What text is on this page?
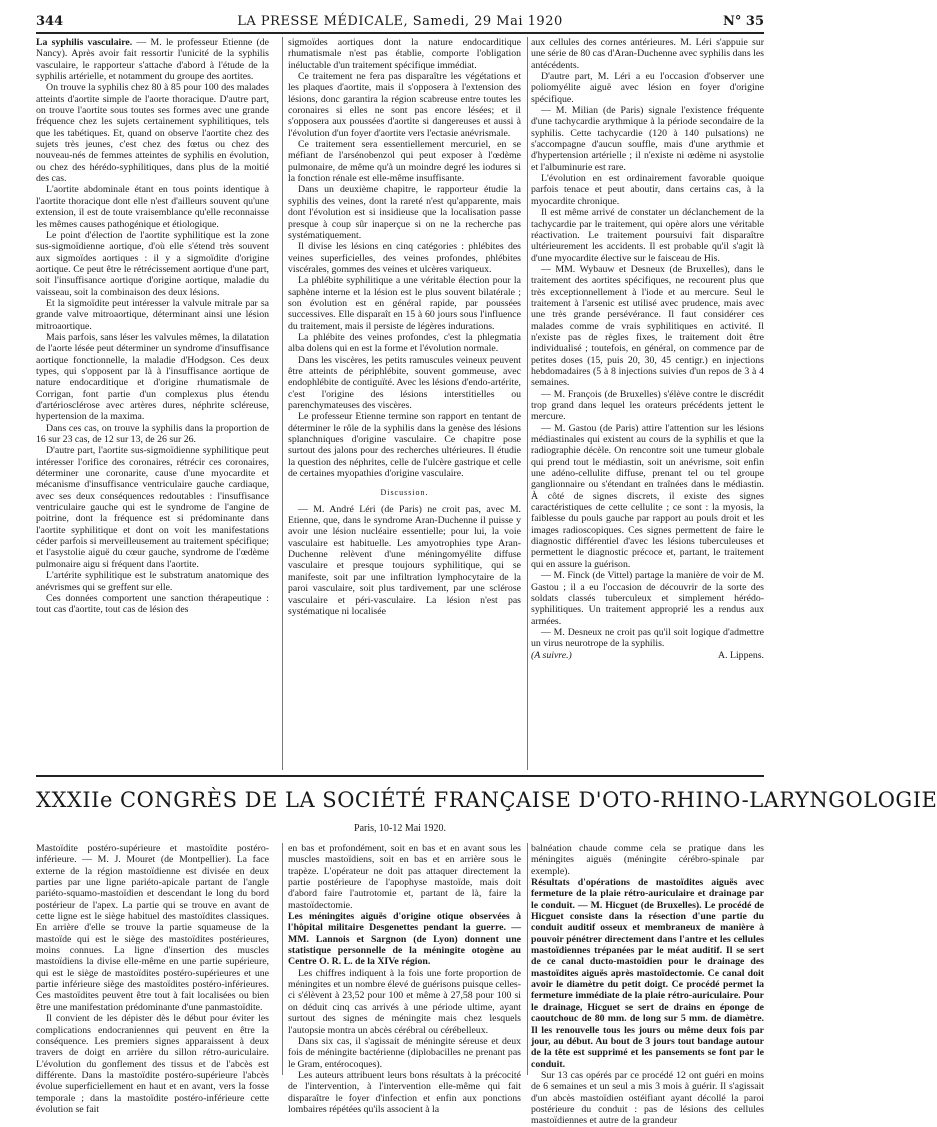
344	LA PRESSE MÉDICALE, Samedi, 29 Mai 1920	N° 35

La syphilis vasculaire. — M. le professeur Etienne (de Nancy). Après avoir fait ressortir l'unicité de la syphilis vasculaire, le rapporteur s'attache d'abord à l'étude de la syphilis artérielle, et notamment du groupe des aortites.

On trouve la syphilis chez 80 à 85 pour 100 des malades atteints d'aortite simple de l'aorte thoracique. D'autre part, on trouve l'aortite sous toutes ses formes avec une grande fréquence chez les sujets certainement syphilitiques, tels que les tabétiques. Et, quand on observe l'aortite chez des sujets très jeunes, c'est chez des fœtus ou chez des nouveau-nés de femmes atteintes de syphilis en évolution, ou chez des hérédo-syphilitiques, dans plus de la moitié des cas.

L'aortite abdominale étant en tous points identique à l'aortite thoracique dont elle n'est d'ailleurs souvent qu'une extension, il est de toute vraisemblance qu'elle reconnaisse les mêmes causes pathogénique et étiologique.

Le point d'élection de l'aortite syphilitique est la zone sus-sigmoïdienne aortique, d'où elle s'étend très souvent aux sigmoïdes aortiques : il y a sigmoïdite d'origine aortique. Ce peut être le rétrécissement aortique d'une part, soit l'insuffisance aortique d'origine aortique, maladie du vaisseau, soit la combinaison des deux lésions.

Et la sigmoïdite peut intéresser la valvule mitrale par sa grande valve mitroaortique, déterminant ainsi une lésion mitroaortique.

Mais parfois, sans léser les valvules mêmes, la dilatation de l'aorte lésée peut déterminer un syndrome d'insuffisance aortique fonctionnelle, la maladie d'Hodgson. Ces deux types, qui s'opposent par là à l'insuffisance aortique de nature endocarditique et d'origine rhumatismale de Corrigan, font partie d'un complexus plus étendu d'artériosclérose avec artères dures, néphrite scléreuse, hypertension de la maxima.

Dans ces cas, on trouve la syphilis dans la proportion de 16 sur 23 cas, de 12 sur 13, de 26 sur 26.

D'autre part, l'aortite sus-sigmoïdienne syphilitique peut intéresser l'orifice des coronaires, rétrécir ces coronaires, déterminer une coronarite, cause d'une myocardite et mécanisme d'insuffisance ventriculaire gauche cardiaque, avec ses deux conséquences redoutables : l'insuffisance ventriculaire gauche qui est le syndrome de l'angine de poitrine, dont la fréquence est si prédominante dans l'aortite syphilitique et dont on voit les manifestations céder parfois si merveilleusement au traitement spécifique; et l'asystolie aiguë du cœur gauche, syndrome de l'œdème pulmonaire aigu si fréquent dans l'aortite.

L'artérite syphilitique est le substratum anatomique des anévrismes qui se greffent sur elle.

Ces données comportent une sanction thérapeutique : tout cas d'aortite, tout cas de lésion des

sigmoïdes aortiques dont la nature endocarditique rhumatismale n'est pas établie, comporte l'obligation inéluctable d'un traitement spécifique immédiat.

Ce traitement ne fera pas disparaître les végétations et les plaques d'aortite, mais il s'opposera à l'extension des lésions, donc garantira la région scabreuse entre toutes les coronaires si elles ne sont pas encore lésées; et il s'opposera aux poussées d'aortite si dangereuses et aussi à l'évolution d'un foyer d'aortite vers l'ectasie anévrismale.

Ce traitement sera essentiellement mercuriel, en se méfiant de l'arsénobenzol qui peut exposer à l'œdème pulmonaire, de même qu'à un moindre degré les iodures si la fonction rénale est elle-même insuffisante.

Dans un deuxième chapitre, le rapporteur étudie la syphilis des veines, dont la rareté n'est qu'apparente, mais dont l'évolution est si insidieuse que la localisation passe presque à coup sûr inaperçue si on ne la recherche pas systématiquement.

Il divise les lésions en cinq catégories : phlébites des veines superficielles, des veines profondes, phlébites viscérales, gommes des veines et ulcères variqueux.

La phlébite syphilitique a une véritable élection pour la saphène interne et la lésion est le plus souvent bilatérale ; son évolution est en général rapide, par poussées successives. Elle disparaît en 15 à 60 jours sous l'influence du traitement, mais il persiste de légères indurations.

La phlébite des veines profondes, c'est la phlegmatia alba dolens qui en est la forme et l'évolution normale.

Dans les viscères, les petits ramuscules veineux peuvent être atteints de périphlébite, souvent gommeuse, avec endophlébite de contiguïté. Avec les lésions d'endo-artérite, c'est l'origine des lésions interstitielles ou parenchymateuses des viscères.

Le professeur Etienne termine son rapport en tentant de déterminer le rôle de la syphilis dans la genèse des lésions splanchniques d'origine vasculaire. Ce chapitre pose surtout des jalons pour des recherches ultérieures. Il étudie la question des néphrites, celle de l'ulcère gastrique et celle de certaines myopathies d'origine vasculaire.

Discussion.

— M. André Léri (de Paris) ne croit pas, avec M. Etienne, que, dans le syndrome Aran-Duchenne il puisse y avoir une lésion nucléaire essentielle; pour lui, la voie vasculaire est habituelle. Les amyotrophies type Aran-Duchenne relèvent d'une méningomyélite diffuse vasculaire et presque toujours syphilitique, qui se manifeste, soit par une infiltration lymphocytaire de la paroi vasculaire, soit plus tardivement, par une sclérose vasculaire et péri-vasculaire. La lésion n'est pas systématique ni localisée

aux cellules des cornes antérieures. M. Léri s'appuie sur une série de 80 cas d'Aran-Duchenne avec syphilis dans les antécédents.

D'autre part, M. Léri a eu l'occasion d'observer une poliomyélite aiguë avec lésion en foyer d'origine spécifique.

— M. Milian (de Paris) signale l'existence fréquente d'une tachycardie arythmique à la période secondaire de la syphilis. Cette tachycardie (120 à 140 pulsations) ne s'accompagne d'aucun souffle, mais d'une arythmie et d'hypertension artérielle ; il n'existe ni œdème ni asystolie et l'albuminurie est rare.

L'évolution en est ordinairement favorable quoique parfois tenace et peut aboutir, dans certains cas, à la myocardite chronique.

Il est même arrivé de constater un déclanchement de la tachycardie par le traitement, qui opère alors une véritable réactivation. Le traitement poursuivi fait disparaître ultérieurement les accidents. Il est probable qu'il s'agit là d'une myocardite élective sur le faisceau de His.

— MM. Wybauw et Desneux (de Bruxelles), dans le traitement des aortites spécifiques, ne recourent plus que très exceptionnellement à l'iode et au mercure. Seul le traitement à l'arsenic est utilisé avec prudence, mais avec une très grande persévérance. Il faut considérer ces malades comme de vrais syphilitiques en activité. Il n'existe pas de règles fixes, le traitement doit être individualisé ; toutefois, en général, on commence par de petites doses (15, puis 20, 30, 45 centigr.) en injections hebdomadaires (5 à 8 injections suivies d'un repos de 3 à 4 semaines.

— M. François (de Bruxelles) s'élève contre le discrédit trop grand dans lequel les orateurs précédents jettent le mercure.

— M. Gastou (de Paris) attire l'attention sur les lésions médiastinales qui existent au cours de la syphilis et que la radiographie décèle. On rencontre soit une tumeur globale qui prend tout le médiastin, soit un anévrisme, soit enfin une adéno-cellulite diffuse, prenant tel ou tel groupe ganglionnaire ou s'étendant en traînées dans le médiastin. À côté de signes discrets, il existe des signes caractéristiques de cette cellulite ; ce sont : la myosis, la faiblesse du pouls gauche par rapport au pouls droit et les images radioscopiques. Ces signes permettent de faire le diagnostic différentiel d'avec les lésions tuberculeuses et permettent le diagnostic précoce et, partant, le traitement qui en assure la guérison.

— M. Finck (de Vittel) partage la manière de voir de M. Gastou ; il a eu l'occasion de découvrir de la sorte des soldats classés tuberculeux et simplement hérédo-syphilitiques. Un traitement approprié les a rendus aux armées.

— M. Desneux ne croit pas qu'il soit logique d'admettre un virus neurotrope de la syphilis.

(A suivre.)	A. Lippens.

XXXIIe CONGRÈS DE LA SOCIÉTÉ FRANÇAISE D'OTO-RHINO-LARYNGOLOGIE
Paris, 10-12 Mai 1920.

Mastoïdite postéro-supérieure et mastoïdite postéro-inférieure. — M. J. Mouret (de Montpellier). La face externe de la région mastoïdienne est divisée en deux parties par une ligne pariéto-apicale partant de l'angle pariéto-squamo-mastoïdien et descendant le long du bord postérieur de l'apex. La partie qui se trouve en avant de cette ligne est le siège habituel des mastoïdites classiques. En arrière d'elle se trouve la partie squameuse de la mastoïde qui est le siège des mastoïdites postérieures, moins connues. La ligne d'insertion des muscles mastoïdiens la divise elle-même en une partie supérieure, qui est le siège de mastoïdites postéro-supérieures et une partie inférieure siège des mastoïdites postéro-inférieures. Ces mastoïdites peuvent être tout à fait localisées ou bien être une manifestation prédominante d'une panmastoïdite.

Il convient de les dépister dès le début pour éviter les complications endocraniennes qui peuvent en être la conséquence. Les premiers signes apparaissent à deux travers de doigt en arrière du sillon rétro-auriculaire. L'évolution du gonflement des tissus et de l'abcès est différente. Dans la mastoïdite postéro-supérieure l'abcès évolue superficiellement en haut et en avant, vers la fosse temporale ; dans la mastoïdite postéro-inférieure cette évolution se fait

en bas et profondément, soit en bas et en avant sous les muscles mastoïdiens, soit en bas et en arrière sous le trapèze. L'opérateur ne doit pas attaquer directement la partie postérieure de l'apophyse mastoïde, mais doit d'abord faire l'autrotomie et, partant de là, faire la mastoïdectomie.

Les méningites aiguës d'origine otique observées à l'hôpital militaire Desgenettes pendant la guerre. — MM. Lannois et Sargnon (de Lyon) donnent une statistique personnelle de la méningite otogène au Centre O. R. L. de la XIVe région.

Les chiffres indiquent à la fois une forte proportion de méningites et un nombre élevé de guérisons puisque celles-ci s'élèvent à 23,52 pour 100 et même à 27,58 pour 100 si on déduit cinq cas arrivés à une période ultime, ayant surtout des signes de méningite mais chez lesquels l'autopsie montra un abcès cérébral ou cérébelleux.

Dans six cas, il s'agissait de méningite séreuse et deux fois de méningite bactérienne (diplobacilles ne prenant pas le Gram, entérocoques).

Les auteurs attribuent leurs bons résultats à la précocité de l'intervention, à l'intervention elle-même qui fait disparaître le foyer d'infection et enfin aux ponctions lombaires répétées qu'ils associent à la

balnéation chaude comme cela se pratique dans les méningites aiguës (méningite cérébro-spinale par exemple).

Résultats d'opérations de mastoïdites aiguës avec fermeture de la plaie rétro-auriculaire et drainage par le conduit. — M. Hicguet (de Bruxelles). Le procédé de Hicguet consiste dans la résection d'une partie du conduit auditif osseux et membraneux de manière à pouvoir pénétrer directement dans l'antre et les cellules mastoïdiennes trépanées par le méat auditif. Il se sert de ce canal ducto-mastoïdien pour le drainage des mastoïdites aiguës après mastoïdectomie. Ce canal doit avoir le diamètre du petit doigt. Ce procédé permet la fermeture immédiate de la plaie rétro-auriculaire. Pour le drainage, Hicguet se sert de drains en éponge de caoutchouc de 80 mm. de long sur 5 mm. de diamètre. Il les renouvelle tous les jours ou même deux fois par jour, au début. Au bout de 3 jours tout bandage autour de la tête est supprimé et les pansements se font par le conduit.

Sur 13 cas opérés par ce procédé 12 ont guéri en moins de 6 semaines et un seul a mis 3 mois à guérir. Il s'agissait d'un abcès mastoïdien ostéifiant ayant décollé la paroi postérieure du conduit : pas de lésions des cellules mastoïdiennes et autre de la grandeur
